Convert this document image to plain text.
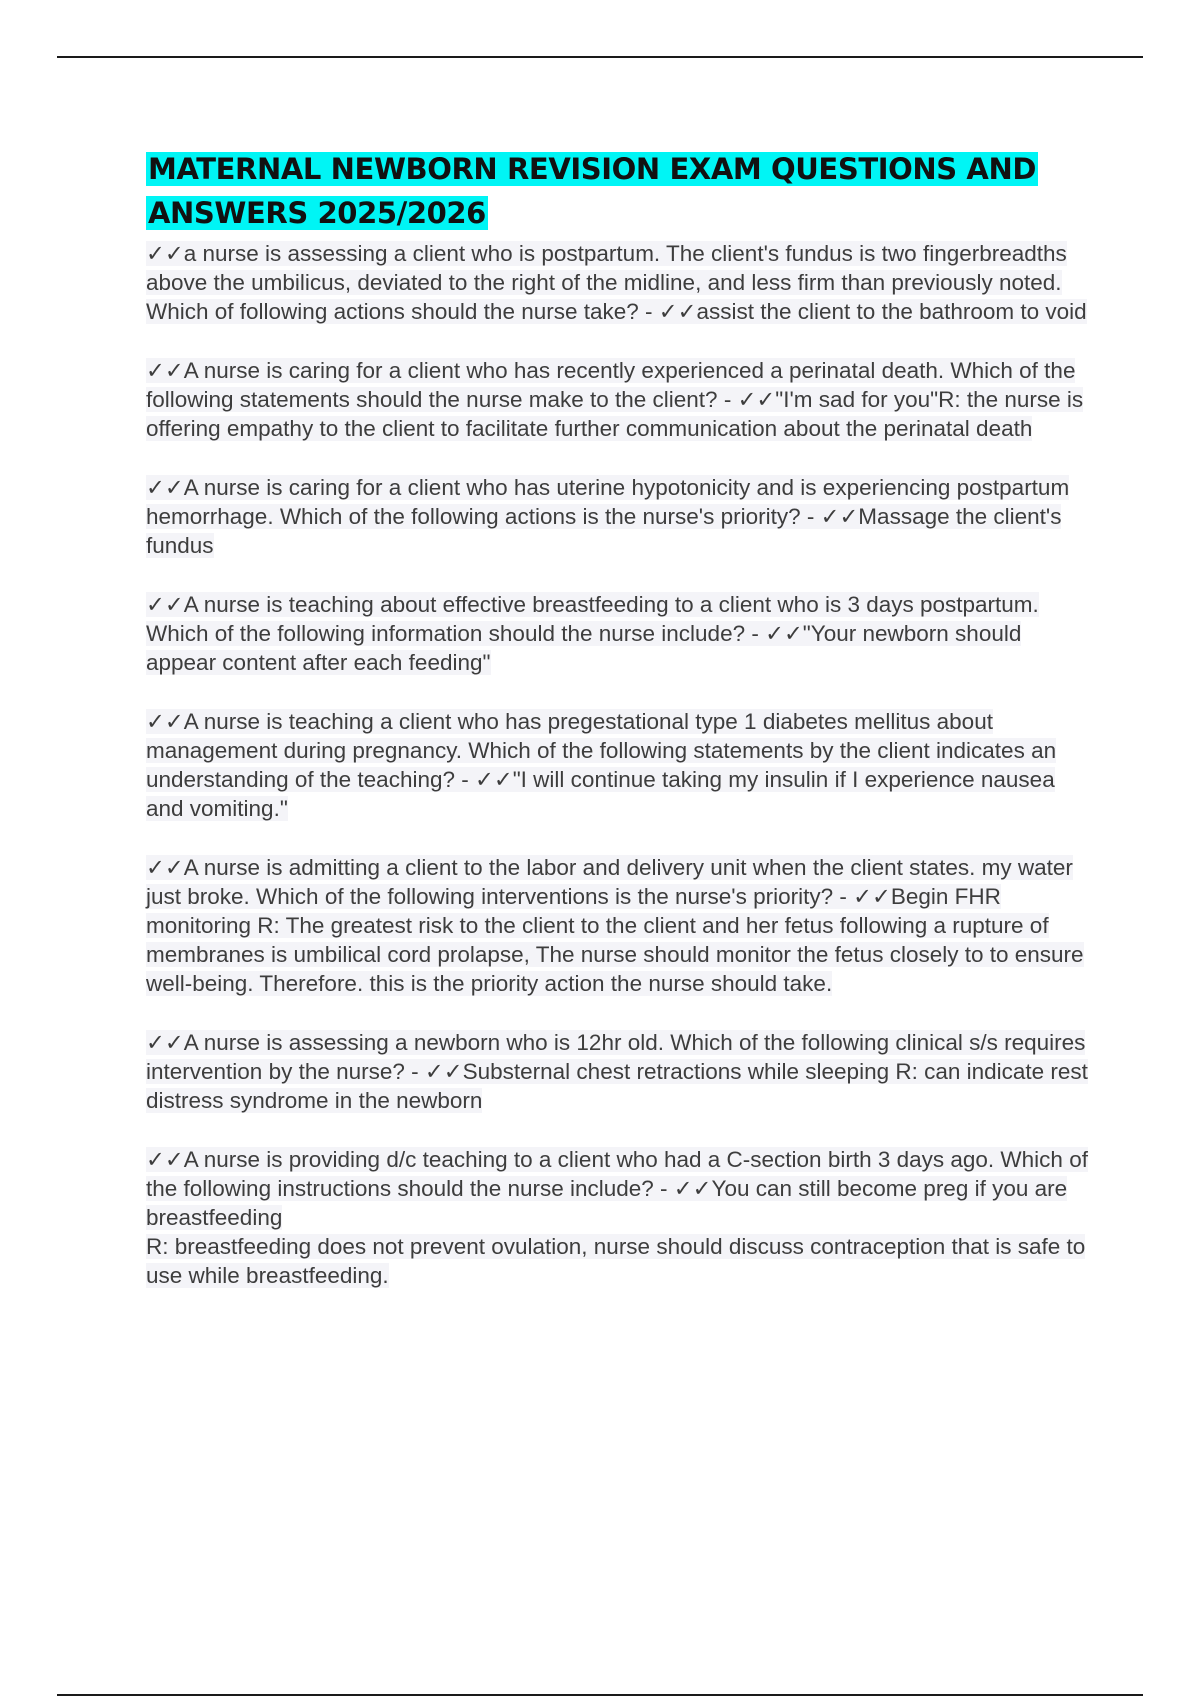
MATERNAL NEWBORN REVISION EXAM QUESTIONS AND ANSWERS 2025/2026

✓✓a nurse is assessing a client who is postpartum. The client's fundus is two fingerbreadths above the umbilicus, deviated to the right of the midline, and less firm than previously noted. Which of following actions should the nurse take? - ✓✓assist the client to the bathroom to void

✓✓A nurse is caring for a client who has recently experienced a perinatal death. Which of the following statements should the nurse make to the client? - ✓✓"I'm sad for you"R: the nurse is offering empathy to the client to facilitate further communication about the perinatal death

✓✓A nurse is caring for a client who has uterine hypotonicity and is experiencing postpartum hemorrhage. Which of the following actions is the nurse's priority? - ✓✓Massage the client's fundus

✓✓A nurse is teaching about effective breastfeeding to a client who is 3 days postpartum. Which of the following information should the nurse include? - ✓✓"Your newborn should appear content after each feeding"

✓✓A nurse is teaching a client who has pregestational type 1 diabetes mellitus about management during pregnancy. Which of the following statements by the client indicates an understanding of the teaching? - ✓✓"I will continue taking my insulin if I experience nausea and vomiting."

✓✓A nurse is admitting a client to the labor and delivery unit when the client states. my water just broke. Which of the following interventions is the nurse's priority? - ✓✓Begin FHR monitoring R: The greatest risk to the client to the client and her fetus following a rupture of membranes is umbilical cord prolapse, The nurse should monitor the fetus closely to to ensure well-being. Therefore. this is the priority action the nurse should take.

✓✓A nurse is assessing a newborn who is 12hr old. Which of the following clinical s/s requires intervention by the nurse? - ✓✓Substernal chest retractions while sleeping R: can indicate rest distress syndrome in the newborn

✓✓A nurse is providing d/c teaching to a client who had a C-section birth 3 days ago. Which of the following instructions should the nurse include? - ✓✓You can still become preg if you are breastfeeding
R: breastfeeding does not prevent ovulation, nurse should discuss contraception that is safe to use while breastfeeding.
